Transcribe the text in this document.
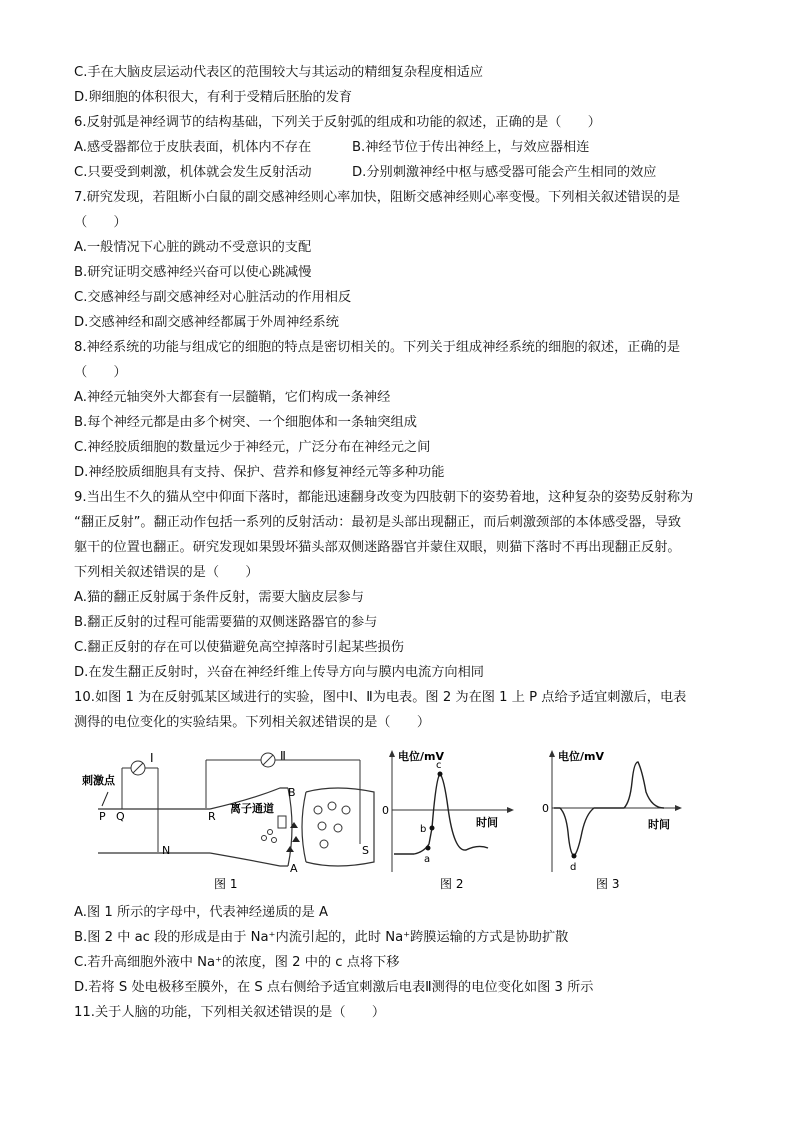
C.手在大脑皮层运动代表区的范围较大与其运动的精细复杂程度相适应
D.卵细胞的体积很大，有利于受精后胚胎的发育
6.反射弧是神经调节的结构基础，下列关于反射弧的组成和功能的叙述，正确的是（　　）
A.感受器都位于皮肤表面，机体内不存在	B.神经节位于传出神经上，与效应器相连
C.只要受到刺激，机体就会发生反射活动	D.分别刺激神经中枢与感受器可能会产生相同的效应
7.研究发现，若阻断小白鼠的副交感神经则心率加快，阻断交感神经则心率变慢。下列相关叙述错误的是
（　　）
A.一般情况下心脏的跳动不受意识的支配
B.研究证明交感神经兴奋可以使心跳减慢
C.交感神经与副交感神经对心脏活动的作用相反
D.交感神经和副交感神经都属于外周神经系统
8.神经系统的功能与组成它的细胞的特点是密切相关的。下列关于组成神经系统的细胞的叙述，正确的是
（　　）
A.神经元轴突外大都套有一层髓鞘，它们构成一条神经
B.每个神经元都是由多个树突、一个细胞体和一条轴突组成
C.神经胶质细胞的数量远少于神经元，广泛分布在神经元之间
D.神经胶质细胞具有支持、保护、营养和修复神经元等多种功能
9.当出生不久的猫从空中仰面下落时，都能迅速翻身改变为四肢朝下的姿势着地，这种复杂的姿势反射称为
“翻正反射”。翻正动作包括一系列的反射活动：最初是头部出现翻正，而后刺激颈部的本体感受器，导致
躯干的位置也翻正。研究发现如果毁坏猫头部双侧迷路器官并蒙住双眼，则猫下落时不再出现翻正反射。
下列相关叙述错误的是（　　）
A.猫的翻正反射属于条件反射，需要大脑皮层参与
B.翻正反射的过程可能需要猫的双侧迷路器官的参与
C.翻正反射的存在可以使猫避免高空掉落时引起某些损伤
D.在发生翻正反射时，兴奋在神经纤维上传导方向与膜内电流方向相同
10.如图 1 为在反射弧某区域进行的实验，图中Ⅰ、Ⅱ为电表。图 2 为在图 1 上 P 点给予适宜刺激后，电表
测得的电位变化的实验结果。下列相关叙述错误的是（　　）
刺激点
I	Ⅱ
P Q	R
N
B
A
S
离子通道
图 1
电位/mV
时间
0
a
b
c
图 2
电位/mV
时间
0
d
图 3
A.图 1 所示的字母中，代表神经递质的是 A
B.图 2 中 ac 段的形成是由于 Na⁺内流引起的，此时 Na⁺跨膜运输的方式是协助扩散
C.若升高细胞外液中 Na⁺的浓度，图 2 中的 c 点将下移
D.若将 S 处电极移至膜外，在 S 点右侧给予适宜刺激后电表Ⅱ测得的电位变化如图 3 所示
11.关于人脑的功能，下列相关叙述错误的是（　　）
